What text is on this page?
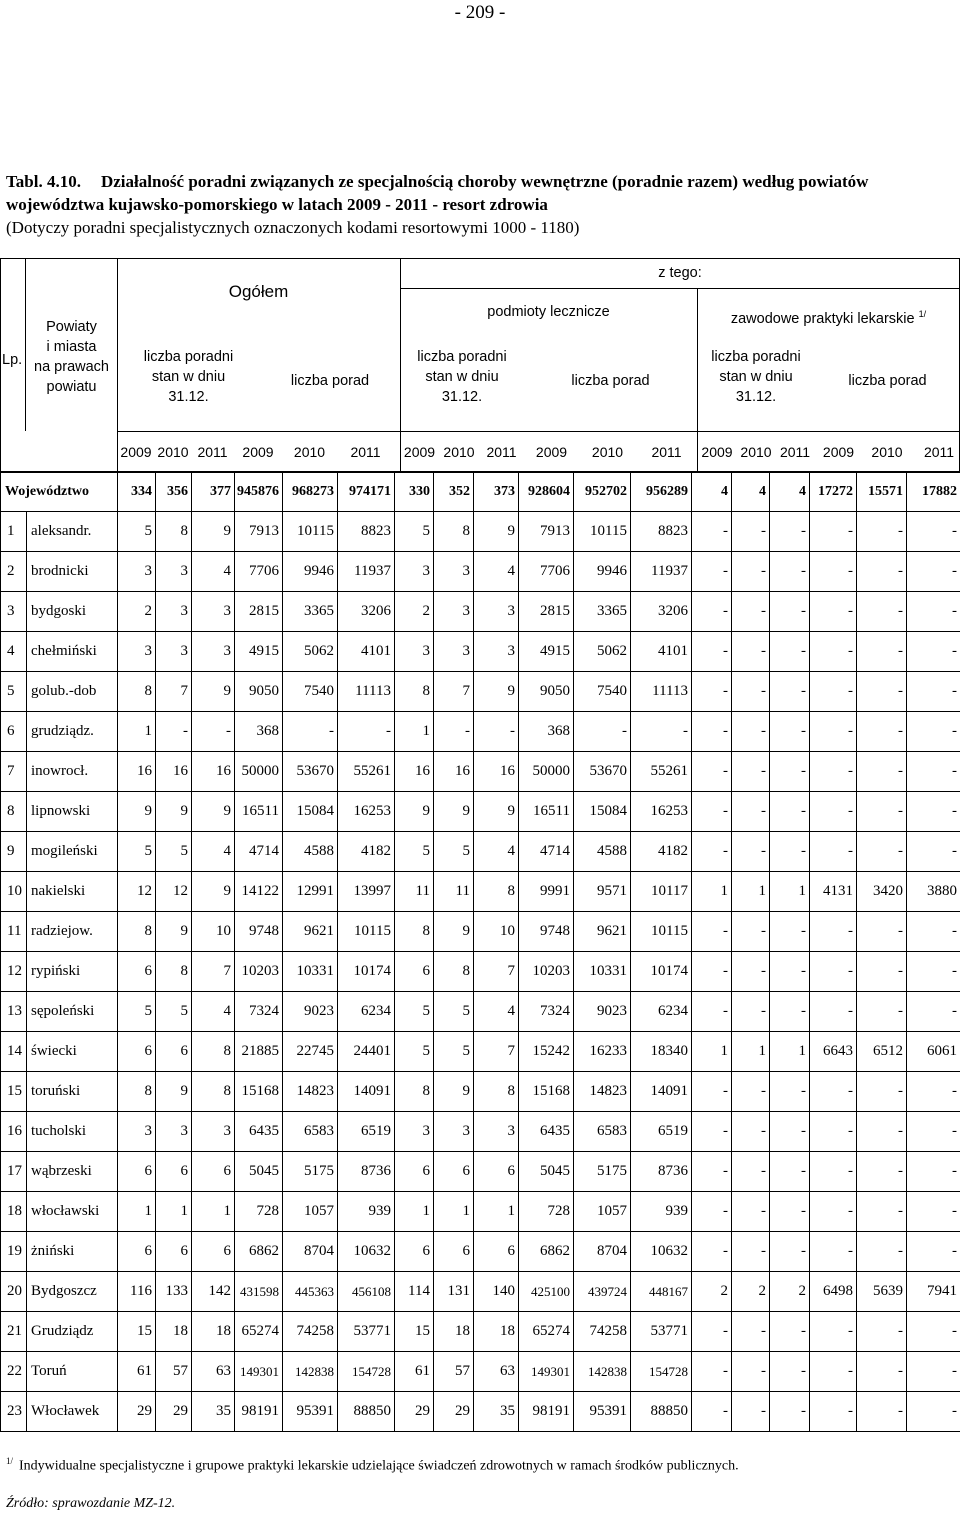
- 209 -
Tabl. 4.10. Działalność poradni związanych ze specjalnością choroby wewnętrzne (poradnie razem) według powiatów województwa kujawsko-pomorskiego w latach 2009 - 2011 - resort zdrowia
(Dotyczy poradni specjalistycznych oznaczonych kodami resortowymi 1000 - 1180)
Lp.
Powiaty
i miasta
na prawach
powiatu
Ogółem
z tego:
podmioty lecznicze	zawodowe praktyki lekarskie $^{1/}$
liczba poradni
stan w dniu
31.12.
liczba porad
liczba poradni
stan w dniu
31.12.
liczba porad
liczba poradni
stan w dniu
31.12.
liczba porad
2009 2010 2011	2009	2010	2011	2009 2010 2011	2009	2010	2011	2009 2010 2011 2009	2010	2011
Województwo		334	356	377	945876	968273	974171	330	352	373	928604	952702	956289	4	4	4	17272	15571	17882
1	aleksandr.	5	8	9	7913	10115	8823	5	8	9	7913	10115	8823	-	-	-	-	-	-
2	brodnicki	3	3	4	7706	9946	11937	3	3	4	7706	9946	11937	-	-	-	-	-	-
3	bydgoski	2	3	3	2815	3365	3206	2	3	3	2815	3365	3206	-	-	-	-	-	-
4	chełmiński	3	3	3	4915	5062	4101	3	3	3	4915	5062	4101	-	-	-	-	-	-
5	golub.-dob	8	7	9	9050	7540	11113	8	7	9	9050	7540	11113	-	-	-	-	-	-
6	grudziądz.	1	-	-	368	-	-	1	-	-	368	-	-	-	-	-	-	-	-
7	inowrocł.	16	16	16	50000	53670	55261	16	16	16	50000	53670	55261	-	-	-	-	-	-
8	lipnowski	9	9	9	16511	15084	16253	9	9	9	16511	15084	16253	-	-	-	-	-	-
9	mogileński	5	5	4	4714	4588	4182	5	5	4	4714	4588	4182	-	-	-	-	-	-
10	nakielski	12	12	9	14122	12991	13997	11	11	8	9991	9571	10117	1	1	1	4131	3420	3880
11	radziejow.	8	9	10	9748	9621	10115	8	9	10	9748	9621	10115	-	-	-	-	-	-
12	rypiński	6	8	7	10203	10331	10174	6	8	7	10203	10331	10174	-	-	-	-	-	-
13	sępoleński	5	5	4	7324	9023	6234	5	5	4	7324	9023	6234	-	-	-	-	-	-
14	świecki	6	6	8	21885	22745	24401	5	5	7	15242	16233	18340	1	1	1	6643	6512	6061
15	toruński	8	9	8	15168	14823	14091	8	9	8	15168	14823	14091	-	-	-	-	-	-
16	tucholski	3	3	3	6435	6583	6519	3	3	3	6435	6583	6519	-	-	-	-	-	-
17	wąbrzeski	6	6	6	5045	5175	8736	6	6	6	5045	5175	8736	-	-	-	-	-	-
18	włocławski	1	1	1	728	1057	939	1	1	1	728	1057	939	-	-	-	-	-	-
19	żniński	6	6	6	6862	8704	10632	6	6	6	6862	8704	10632	-	-	-	-	-	-
20	Bydgoszcz	116	133	142	431598	445363	456108	114	131	140	425100	439724	448167	2	2	2	6498	5639	7941
21	Grudziądz	15	18	18	65274	74258	53771	15	18	18	65274	74258	53771	-	-	-	-	-	-
22	Toruń	61	57	63	149301	142838	154728	61	57	63	149301	142838	154728	-	-	-	-	-	-
23	Włocławek	29	29	35	98191	95391	88850	29	29	35	98191	95391	88850	-	-	-	-	-	-
$^{1/}$ Indywidualne specjalistyczne i grupowe praktyki lekarskie udzielające świadczeń zdrowotnych w ramach środków publicznych.
Źródło: sprawozdanie MZ-12.
